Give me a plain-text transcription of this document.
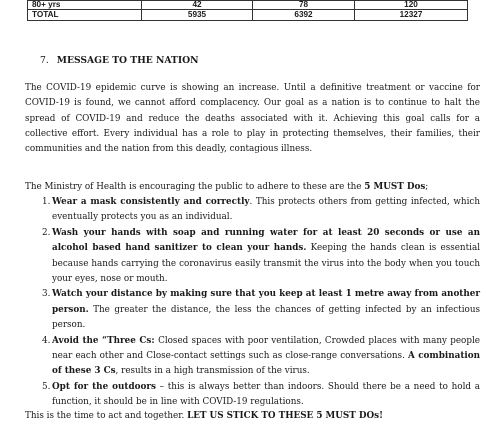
80+ yrs	42	78	120
TOTAL	5935	6392	12327
7. MESSAGE TO THE NATION

The COVID-19 epidemic curve is showing an increase. Until a definitive treatment or vaccine for COVID-19 is found, we cannot afford complacency. Our goal as a nation is to continue to halt the spread of COVID-19 and reduce the deaths associated with it. Achieving this goal calls for a collective effort. Every individual has a role to play in protecting themselves, their families, their communities and the nation from this deadly, contagious illness.

The Ministry of Health is encouraging the public to adhere to these are the 5 MUST Dos;

1. Wear a mask consistently and correctly. This protects others from getting infected, which eventually protects you as an individual.
2. Wash your hands with soap and running water for at least 20 seconds or use an alcohol based hand sanitizer to clean your hands. Keeping the hands clean is essential because hands carrying the coronavirus easily transmit the virus into the body when you touch your eyes, nose or mouth.
3. Watch your distance by making sure that you keep at least 1 metre away from another person. The greater the distance, the less the chances of getting infected by an infectious person.
4. Avoid the “Three Cs: Closed spaces with poor ventilation, Crowded places with many people near each other and Close-contact settings such as close-range conversations. A combination of these 3 Cs, results in a high transmission of the virus.
5. Opt for the outdoors – this is always better than indoors. Should there be a need to hold a function, it should be in line with COVID-19 regulations.
This is the time to act and together. LET US STICK TO THESE 5 MUST DOs!
